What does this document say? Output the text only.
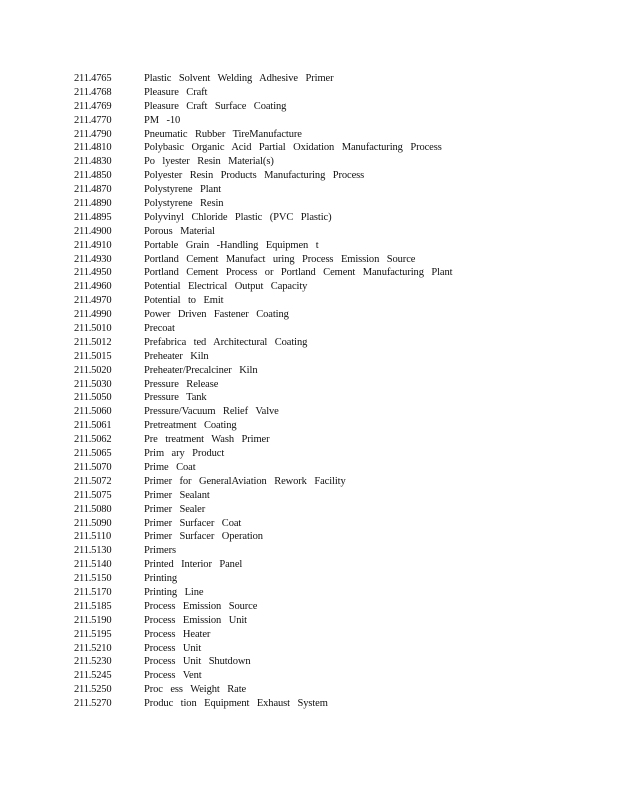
211.4765	Plastic Solvent Welding Adhesive Primer
211.4768	Pleasure Craft
211.4769	Pleasure Craft Surface Coating
211.4770	PM -10
211.4790	Pneumatic Rubber TireManufacture
211.4810	Polybasic Organic Acid Partial Oxidation Manufacturing Process
211.4830	Po lyester Resin Material(s)
211.4850	Polyester Resin Products Manufacturing Process
211.4870	Polystyrene Plant
211.4890	Polystyrene Resin
211.4895	Polyvinyl Chloride Plastic (PVC Plastic)
211.4900	Porous Material
211.4910	Portable Grain -Handling Equipmen t
211.4930	Portland Cement Manufact uring Process Emission Source
211.4950	Portland Cement Process or Portland Cement Manufacturing Plant
211.4960	Potential Electrical Output Capacity
211.4970	Potential to Emit
211.4990	Power Driven Fastener Coating
211.5010	Precoat
211.5012	Prefabrica ted Architectural Coating
211.5015	Preheater Kiln
211.5020	Preheater/Precalciner Kiln
211.5030	Pressure Release
211.5050	Pressure Tank
211.5060	Pressure/Vacuum Relief Valve
211.5061	Pretreatment Coating
211.5062	Pre treatment Wash Primer
211.5065	Prim ary Product
211.5070	Prime Coat
211.5072	Primer for GeneralAviation Rework Facility
211.5075	Primer Sealant
211.5080	Primer Sealer
211.5090	Primer Surfacer Coat
211.5110	Primer Surfacer Operation
211.5130	Primers
211.5140	Printed Interior Panel
211.5150	Printing
211.5170	Printing Line
211.5185	Process Emission Source
211.5190	Process Emission Unit
211.5195	Process Heater
211.5210	Process Unit
211.5230	Process Unit Shutdown
211.5245	Process Vent
211.5250	Proc ess Weight Rate
211.5270	Produc tion Equipment Exhaust System
